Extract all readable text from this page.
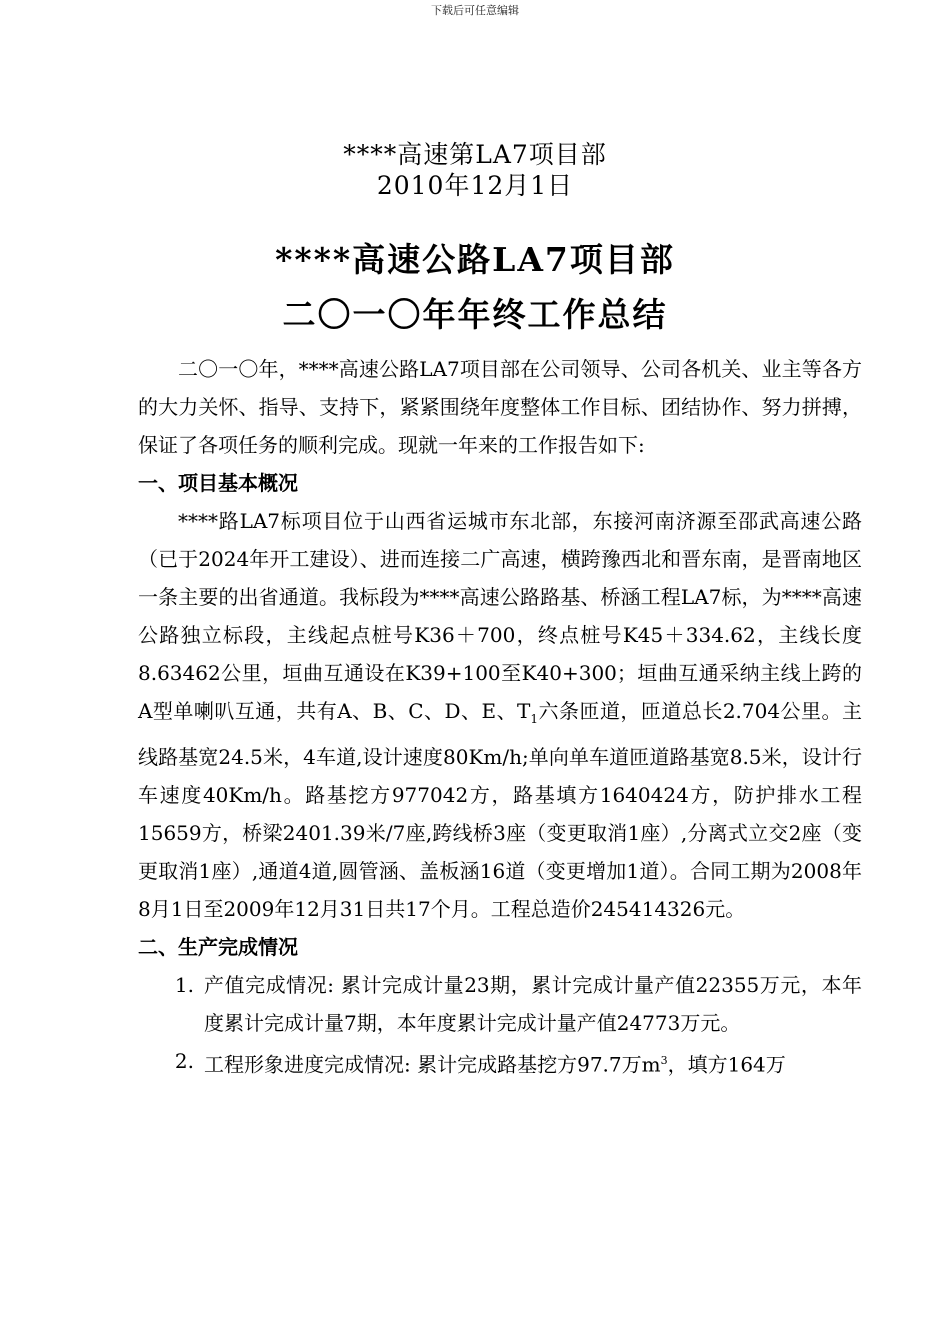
下载后可任意编辑
****高速第LA7项目部
2010年12月1日
****高速公路LA7项目部
二〇一〇年年终工作总结

二〇一〇年，****高速公路LA7项目部在公司领导、公司各机关、业主等各方的大力关怀、指导、支持下，紧紧围绕年度整体工作目标、团结协作、努力拼搏，保证了各项任务的顺利完成。现就一年来的工作报告如下:

一、项目基本概况

****路LA7标项目位于山西省运城市东北部，东接河南济源至邵武高速公路（已于2024年开工建设）、进而连接二广高速，横跨豫西北和晋东南，是晋南地区一条主要的出省通道。我标段为****高速公路路基、桥涵工程LA7标，为****高速公路独立标段，主线起点桩号K36＋700，终点桩号K45＋334.62，主线长度8.63462公里，垣曲互通设在K39+100至K40+300；垣曲互通采纳主线上跨的A型单喇叭互通，共有A、B、C、D、E、$T_1$六条匝道，匝道总长2.704公里。主线路基宽24.5米，4车道,设计速度80Km/h;单向单车道匝道路基宽8.5米，设计行车速度40Km/h。路基挖方977042方，路基填方1640424方，防护排水工程15659方，桥梁2401.39米/7座,跨线桥3座（变更取消1座）,分离式立交2座（变更取消1座）,通道4道,圆管涵、盖板涵16道（变更增加1道）。合同工期为2008年8月1日至2009年12月31日共17个月。工程总造价245414326元。

二、生产完成情况

1. 产值完成情况: 累计完成计量23期，累计完成计量产值22355万元，本年度累计完成计量7期，本年度累计完成计量产值24773万元。
2. 工程形象进度完成情况: 累计完成路基挖方97.7万$m^3$，填方164万
